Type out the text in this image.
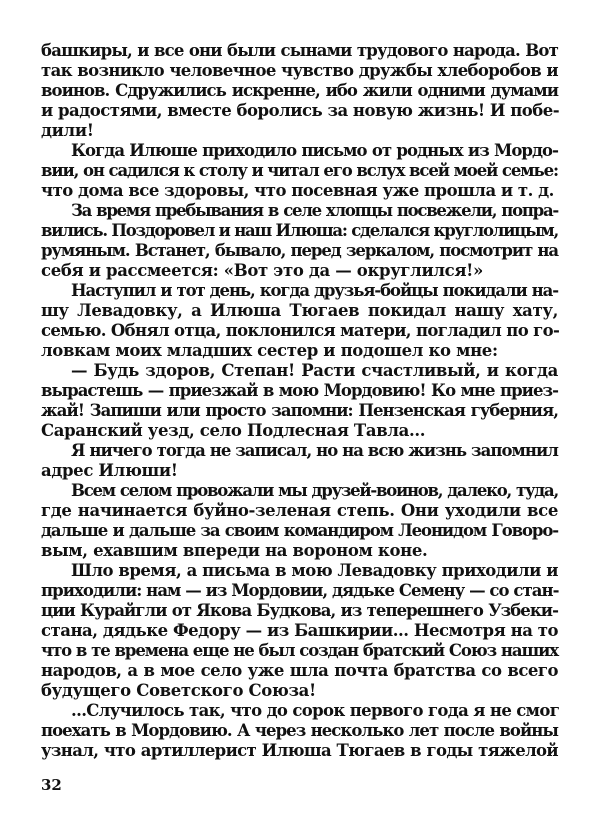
башкиры, и все они были сынами трудового народа. Вот
так возникло человечное чувство дружбы хлеборобов и
воинов. Сдружились искренне, ибо жили одними думами
и радостями, вместе боролись за новую жизнь! И побе-
дили!
Когда Илюше приходило письмо от родных из Мордо-
вии, он садился к столу и читал его вслух всей моей семье:
что дома все здоровы, что посевная уже прошла и т. д.
За время пребывания в селе хлопцы посвежели, попра-
вились. Поздоровел и наш Илюша: сделался круглолицым,
румяным. Встанет, бывало, перед зеркалом, посмотрит на
себя и рассмеется: «Вот это да — округлился!»
Наступил и тот день, когда друзья-бойцы покидали на-
шу Левадовку, а Илюша Тюгаев покидал нашу хату,
семью. Обнял отца, поклонился матери, погладил по го-
ловкам моих младших сестер и подошел ко мне:
— Будь здоров, Степан! Расти счастливый, и когда
вырастешь — приезжай в мою Мордовию! Ко мне приез-
жай! Запиши или просто запомни: Пензенская губерния,
Саранский уезд, село Подлесная Тавла...
Я ничего тогда не записал, но на всю жизнь запомнил
адрес Илюши!
Всем селом провожали мы друзей-воинов, далеко, туда,
где начинается буйно-зеленая степь. Они уходили все
дальше и дальше за своим командиром Леонидом Говоро-
вым, ехавшим впереди на вороном коне.
Шло время, а письма в мою Левадовку приходили и
приходили: нам — из Мордовии, дядьке Семену — со стан-
ции Курайгли от Якова Будкова, из теперешнего Узбеки-
стана, дядьке Федору — из Башкирии... Несмотря на то
что в те времена еще не был создан братский Союз наших
народов, а в мое село уже шла почта братства со всего
будущего Советского Союза!
...Случилось так, что до сорок первого года я не смог
поехать в Мордовию. А через несколько лет после войны
узнал, что артиллерист Илюша Тюгаев в годы тяжелой
32
